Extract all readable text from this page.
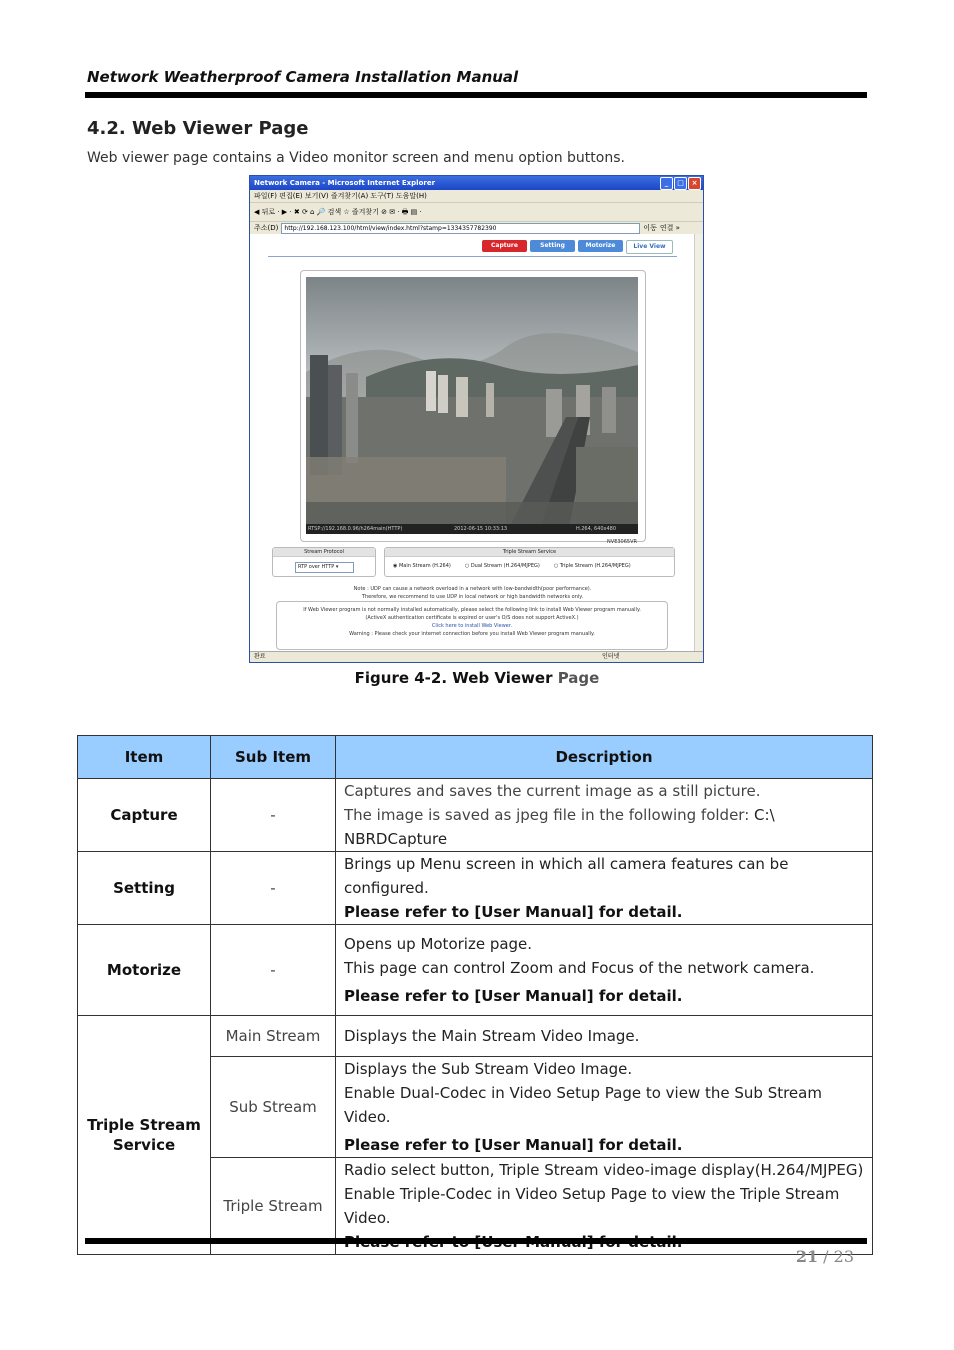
Network Weatherproof Camera Installation Manual
4.2. Web Viewer Page
Web viewer page contains a Video monitor screen and menu option buttons.
Network Camera - Microsoft Internet Explorer	_	□	×
파일(F) 편집(E) 보기(V) 즐겨찾기(A) 도구(T) 도움말(H)
◀ 뒤로 · ▶ · ✖ ⟳ ⌂ 🔎 검색 ☆ 즐겨찾기 ⊘ ✉ · 🖶 ▤ ·
주소(D)	http://192.168.123.100/html/view/index.html?stamp=1334357782390	이동 연결 »
Capture	Setting	Motorize	Live View
RTSP://192.168.0.96/h264main(HTTP)	2012-06-15 10:33:13	H.264, 640x480
NVE3065VR
Stream Protocol
RTP over HTTP ▾
Triple Stream Service
◉ Main Stream (H.264)	○ Dual Stream (H.264/MJPEG)	○ Triple Stream (H.264/MJPEG)
Note : UDP can cause a network overload in a network with low-bandwidth(poor performance).
Therefore, we recommend to use UDP in local network or high bandwidth networks only.
If Web Viewer program is not normally installed automatically, please select the following link to install Web Viewer program manually.
(ActiveX authentication certificate is expired or user's O/S does not support ActiveX.)
Click here to install Web Viewer.
Warning : Please check your internet connection before you install Web Viewer program manually.
완료	인터넷
Figure 4-2. Web Viewer Page
Item	Sub Item	Description
Capture	-	Captures and saves the current image as a still picture.
The image is saved as jpeg file in the following folder: C:\ NBRDCapture

Setting	-	Brings up Menu screen in which all camera features can be configured.
Please refer to [User Manual] for detail.

Motorize	-	Opens up Motorize page.
This page can control Zoom and Focus of the network camera.
Please refer to [User Manual] for detail.

Triple Stream Service	Main Stream	Displays the Main Stream Video Image.

	Sub Stream	Displays the Sub Stream Video Image.
Enable Dual-Codec in Video Setup Page to view the Sub Stream Video.
Please refer to [User Manual] for detail.

	Triple Stream	Radio select button, Triple Stream video-image display(H.264/MJPEG)
Enable Triple-Codec in Video Setup Page to view the Triple Stream Video.
21 / 23
